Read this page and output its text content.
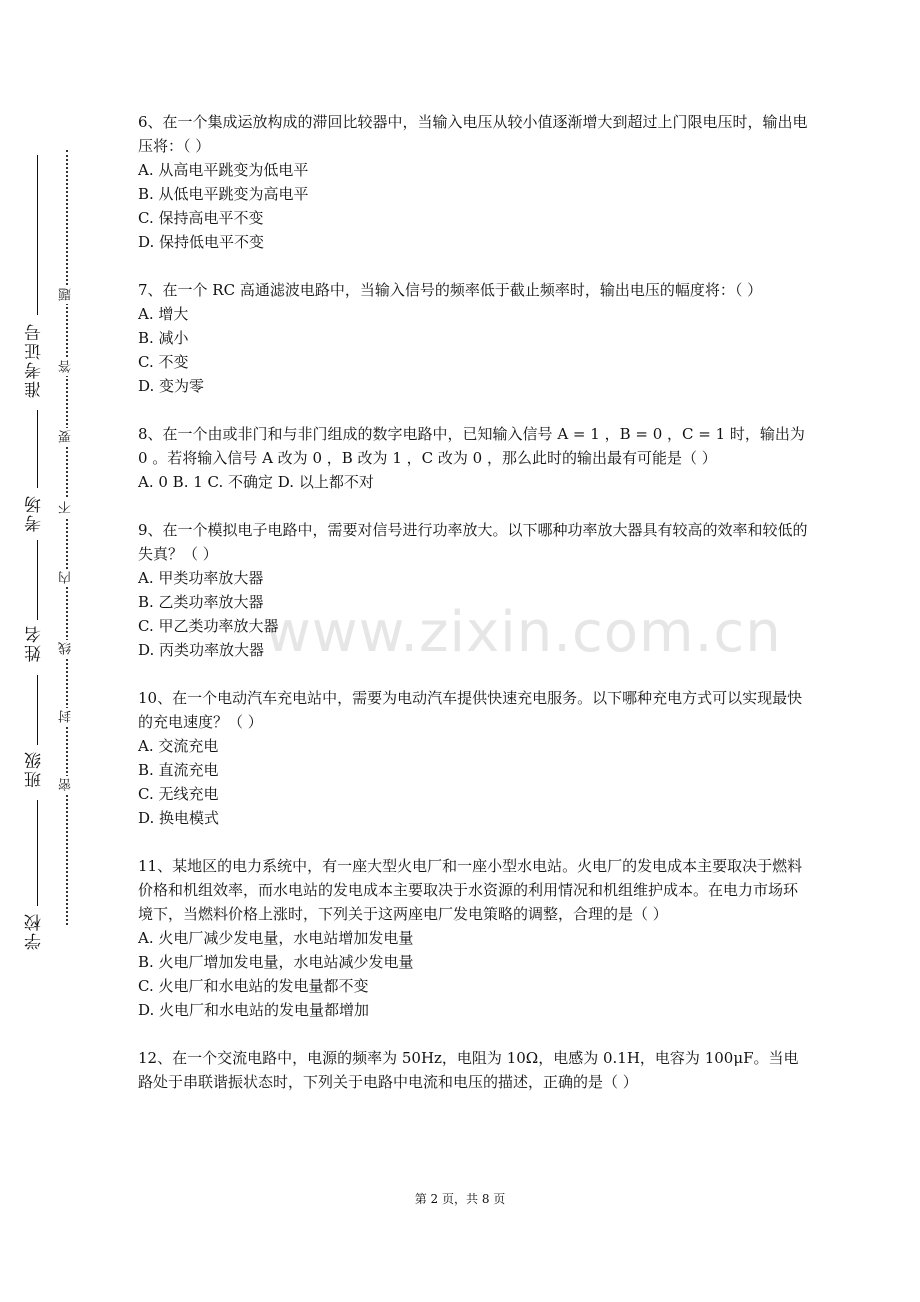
准考证号
考场
姓名
班级
学校
题
答
要
不
内
线
封
密
www.zixin.com.cn

6、在一个集成运放构成的滞回比较器中，当输入电压从较小值逐渐增大到超过上门限电压时，输出电压将：（ ）

A. 从高电平跳变为低电平

B. 从低电平跳变为高电平

C. 保持高电平不变

D. 保持低电平不变

7、在一个 RC 高通滤波电路中，当输入信号的频率低于截止频率时，输出电压的幅度将：（ ）

A. 增大

B. 减小

C. 不变

D. 变为零

8、在一个由或非门和与非门组成的数字电路中，已知输入信号 A = 1 ，B = 0 ，C = 1 时，输出为 0 。若将输入信号 A 改为 0 ，B 改为 1 ，C 改为 0 ，那么此时的输出最有可能是（ ）

A. 0 B. 1 C. 不确定 D. 以上都不对

9、在一个模拟电子电路中，需要对信号进行功率放大。以下哪种功率放大器具有较高的效率和较低的失真？（ ）

A. 甲类功率放大器

B. 乙类功率放大器

C. 甲乙类功率放大器

D. 丙类功率放大器

10、在一个电动汽车充电站中，需要为电动汽车提供快速充电服务。以下哪种充电方式可以实现最快的充电速度？（ ）

A. 交流充电

B. 直流充电

C. 无线充电

D. 换电模式

11、某地区的电力系统中，有一座大型火电厂和一座小型水电站。火电厂的发电成本主要取决于燃料价格和机组效率，而水电站的发电成本主要取决于水资源的利用情况和机组维护成本。在电力市场环境下，当燃料价格上涨时，下列关于这两座电厂发电策略的调整，合理的是（ ）

A. 火电厂减少发电量，水电站增加发电量

B. 火电厂增加发电量，水电站减少发电量

C. 火电厂和水电站的发电量都不变

D. 火电厂和水电站的发电量都增加

12、在一个交流电路中，电源的频率为 50Hz，电阻为 10Ω，电感为 0.1H，电容为 100μF。当电路处于串联谐振状态时，下列关于电路中电流和电压的描述，正确的是（ ）

第 2 页，共 8 页
